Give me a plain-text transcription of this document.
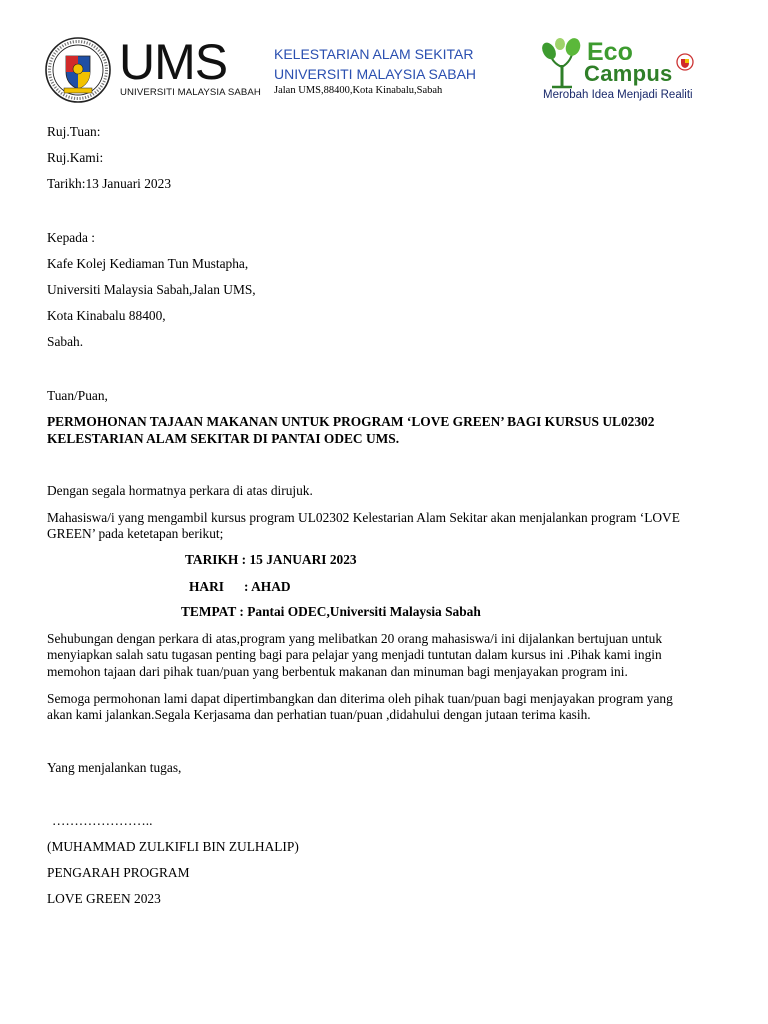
UMS
UNIVERSITI MALAYSIA SABAH
KELESTARIAN ALAM SEKITAR
UNIVERSITI MALAYSIA SABAH
Jalan UMS,88400,Kota Kinabalu,Sabah
Eco
Campus
Merobah Idea Menjadi Realiti
Ruj.Tuan:
Ruj.Kami:
Tarikh:13 Januari 2023
Kepada :
Kafe Kolej Kediaman Tun Mustapha,
Universiti Malaysia Sabah,Jalan UMS,
Kota Kinabalu 88400,
Sabah.
Tuan/Puan,
PERMOHONAN TAJAAN MAKANAN UNTUK PROGRAM ‘LOVE GREEN’ BAGI KURSUS UL02302
KELESTARIAN ALAM SEKITAR DI PANTAI ODEC UMS.
Dengan segala hormatnya perkara di atas dirujuk.
Mahasiswa/i yang mengambil kursus program UL02302 Kelestarian Alam Sekitar akan menjalankan program ‘LOVE
GREEN’ pada ketetapan berikut;
TARIKH : 15 JANUARI 2023
HARI      : AHAD
TEMPAT : Pantai ODEC,Universiti Malaysia Sabah
Sehubungan dengan perkara di atas,program yang melibatkan 20 orang mahasiswa/i ini dijalankan bertujuan untuk
menyiapkan salah satu tugasan penting bagi para pelajar yang menjadi tuntutan dalam kursus ini .Pihak kami ingin
memohon tajaan dari pihak tuan/puan yang berbentuk makanan dan minuman bagi menjayakan program ini.
Semoga permohonan lami dapat dipertimbangkan dan diterima oleh pihak tuan/puan bagi menjayakan program yang
akan kami jalankan.Segala Kerjasama dan perhatian tuan/puan ,didahului dengan jutaan terima kasih.
Yang menjalankan tugas,
…………………..
(MUHAMMAD ZULKIFLI BIN ZULHALIP)
PENGARAH PROGRAM
LOVE GREEN 2023
